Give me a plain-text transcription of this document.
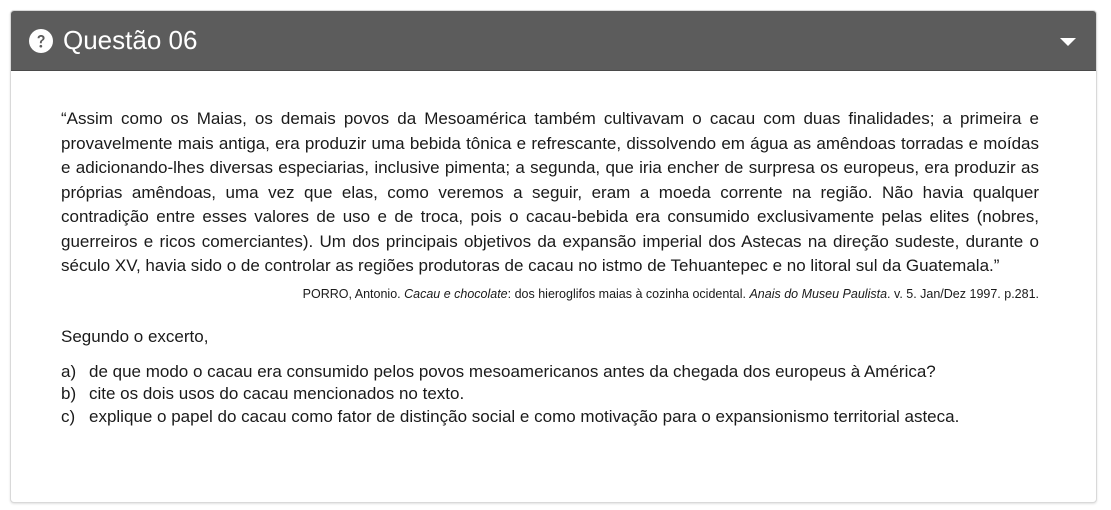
Questão 06

“Assim como os Maias, os demais povos da Mesoamérica também cultivavam o cacau com duas finalidades; a primeira e provavelmente mais antiga, era produzir uma bebida tônica e refrescante, dissolvendo em água as amêndoas torradas e moídas e adicionando-lhes diversas especiarias, inclusive pimenta; a segunda, que iria encher de surpresa os europeus, era produzir as próprias amêndoas, uma vez que elas, como veremos a seguir, eram a moeda corrente na região. Não havia qualquer contradição entre esses valores de uso e de troca, pois o cacau-bebida era consumido exclusivamente pelas elites (nobres, guerreiros e ricos comerciantes). Um dos principais objetivos da expansão imperial dos Astecas na direção sudeste, durante o século XV, havia sido o de controlar as regiões produtoras de cacau no istmo de Tehuantepec e no litoral sul da Guatemala.”

PORRO, Antonio. Cacau e chocolate: dos hieroglifos maias à cozinha ocidental. Anais do Museu Paulista. v. 5. Jan/Dez 1997. p.281.

Segundo o excerto,

a) de que modo o cacau era consumido pelos povos mesoamericanos antes da chegada dos europeus à América?
b) cite os dois usos do cacau mencionados no texto.
c) explique o papel do cacau como fator de distinção social e como motivação para o expansionismo territorial asteca.
